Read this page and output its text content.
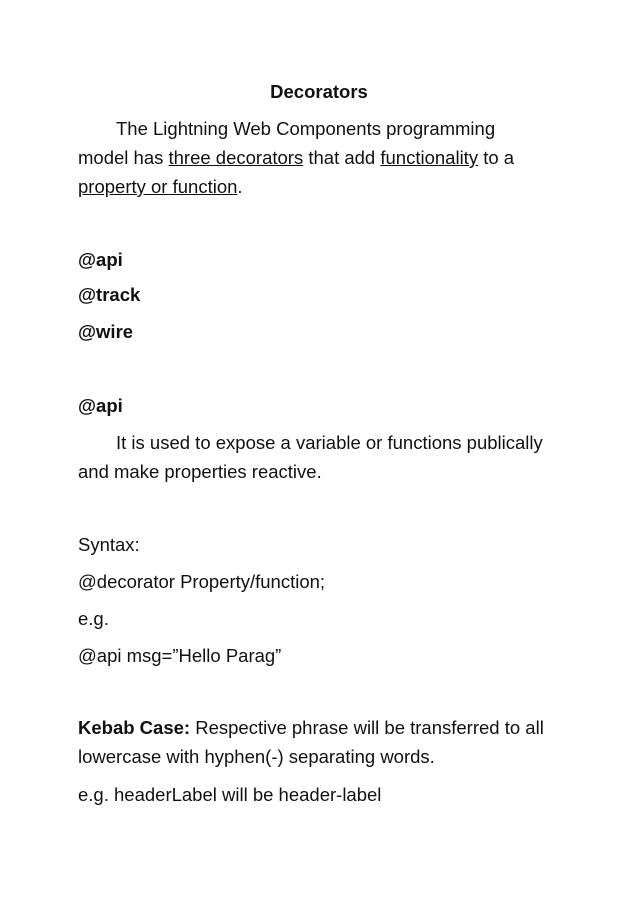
Decorators
The Lightning Web Components programming
model has three decorators that add functionality to a
property or function.
@api
@track
@wire
@api
It is used to expose a variable or functions publically
and make properties reactive.
Syntax:
@decorator Property/function;
e.g.
@api msg=”Hello Parag”
Kebab Case: Respective phrase will be transferred to all
lowercase with hyphen(-) separating words.
e.g. headerLabel will be header-label
